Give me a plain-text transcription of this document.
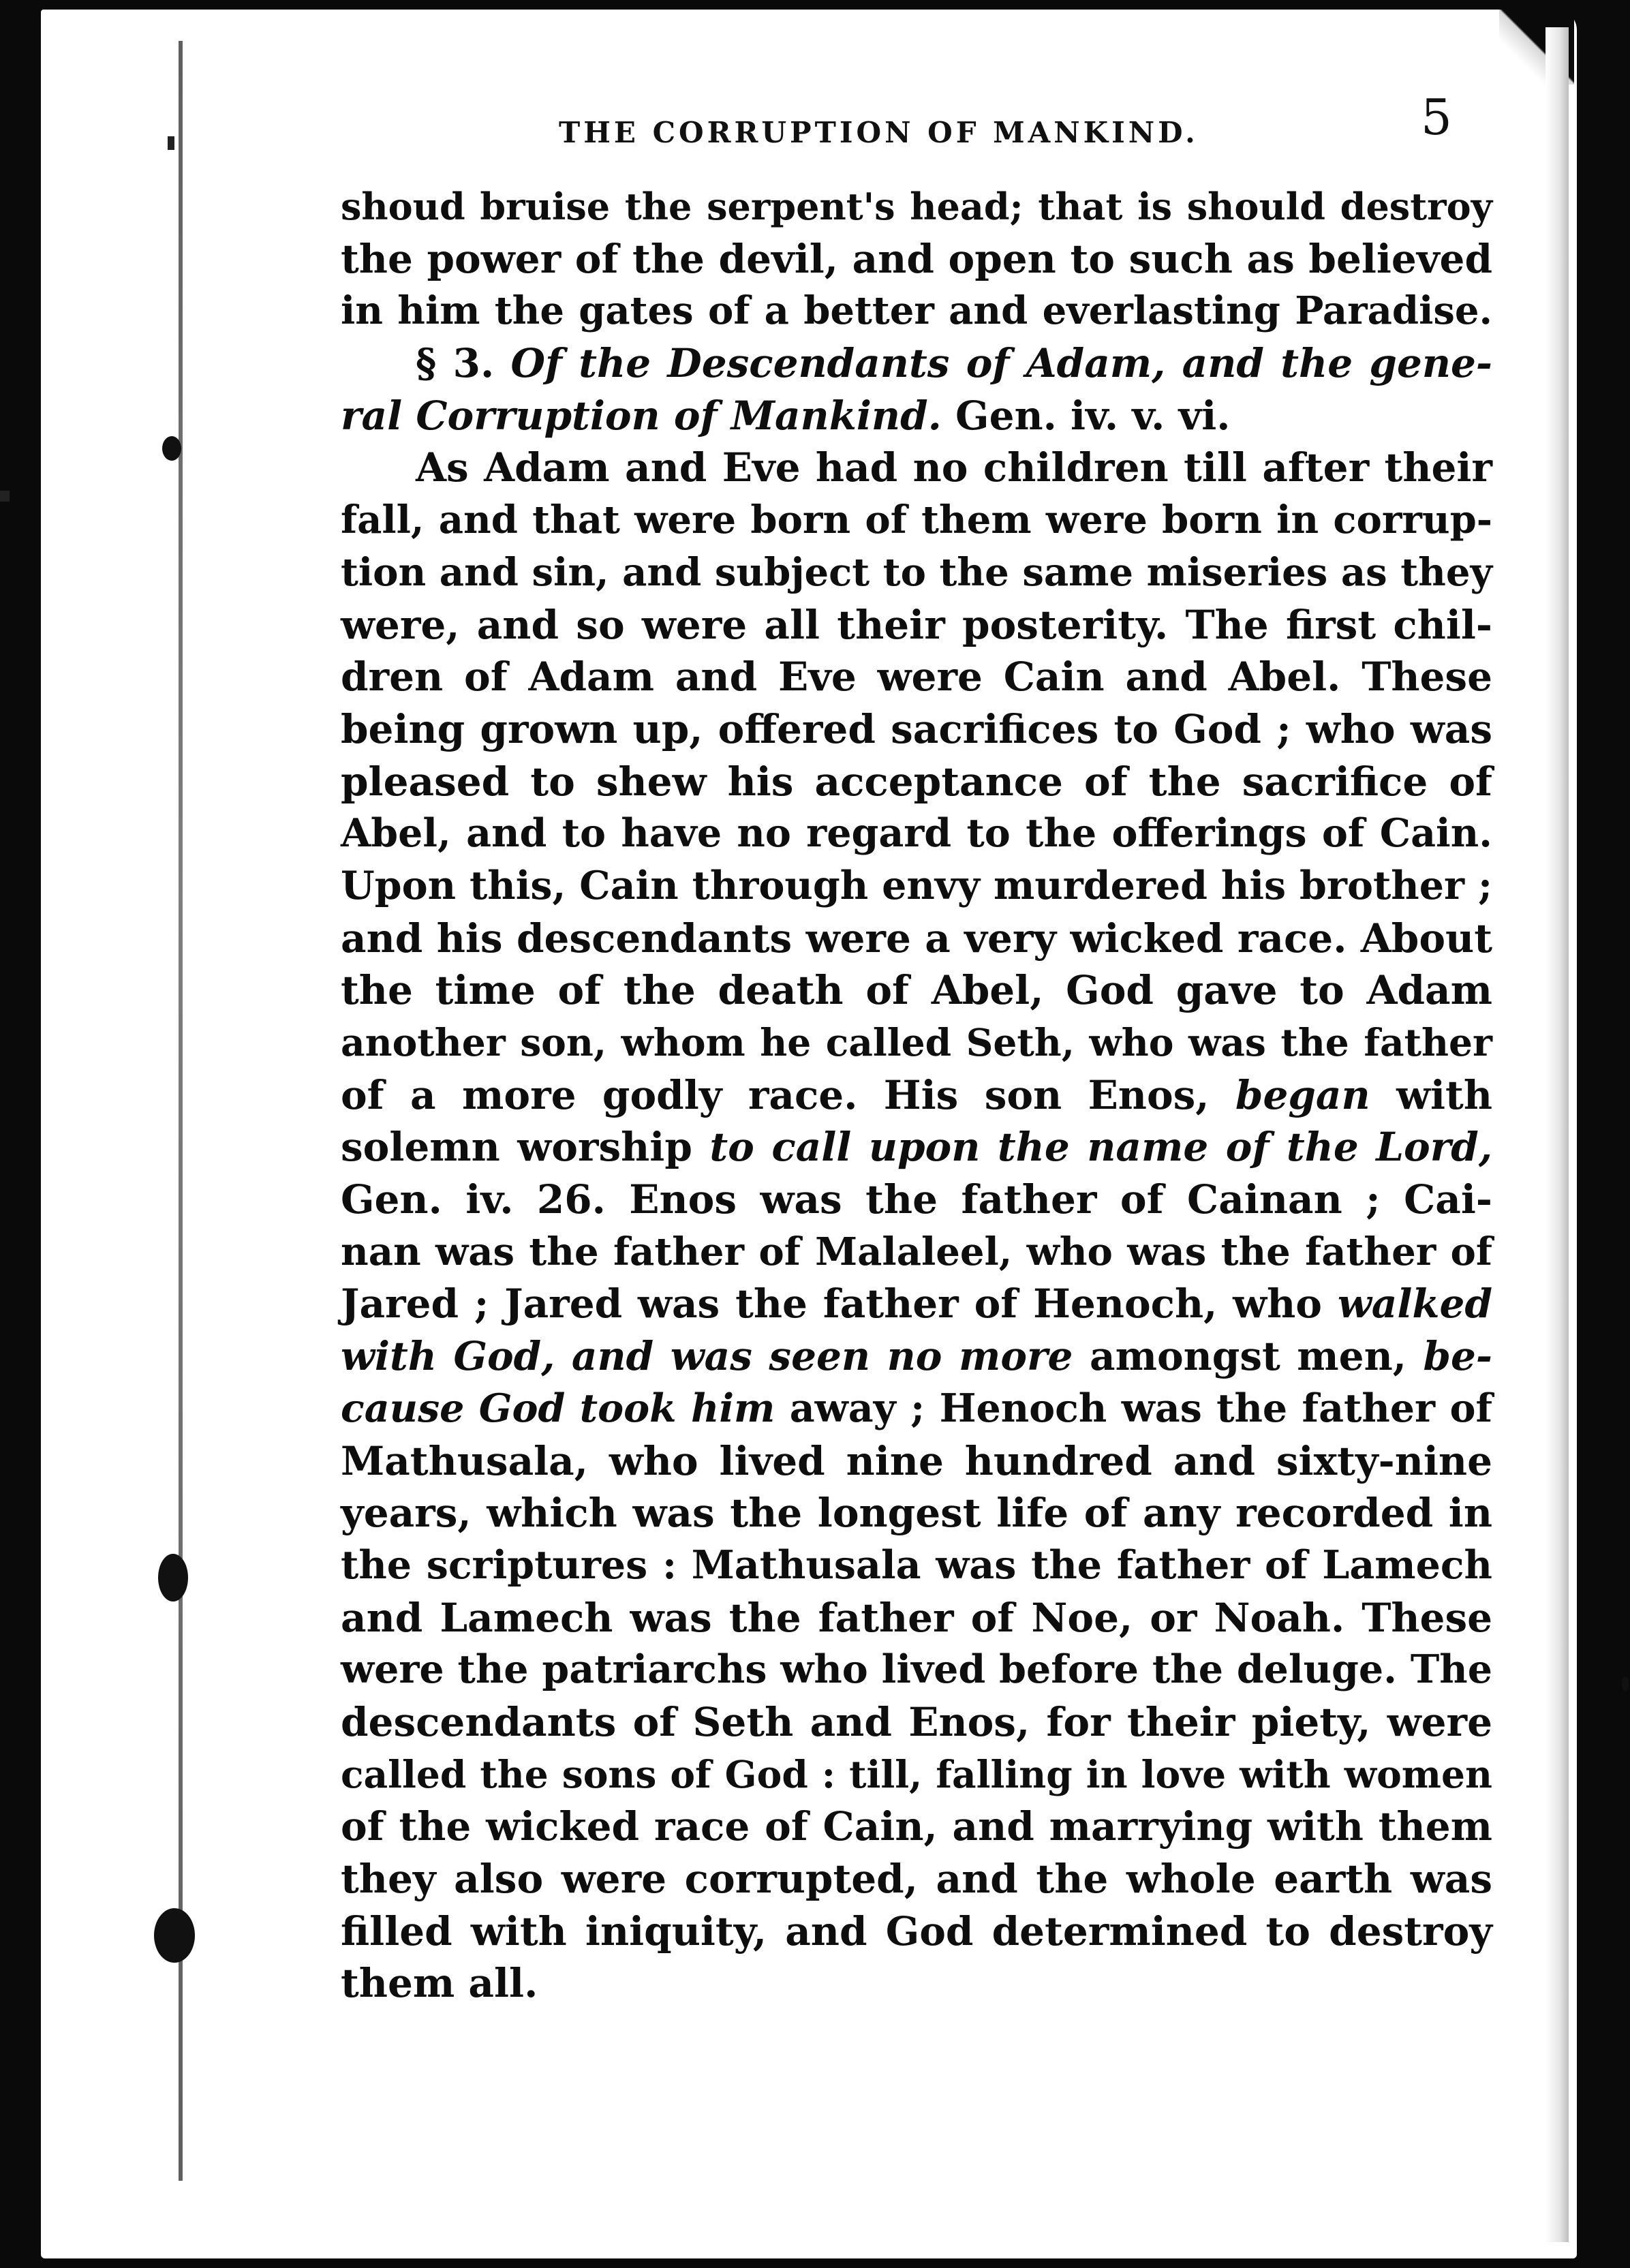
THE CORRUPTION OF MANKIND.	5
shoud bruise the serpent's head; that is should destroy
the power of the devil, and open to such as believed
in him the gates of a better and everlasting Paradise.
§ 3. Of the Descendants of Adam, and the gene-
ral Corruption of Mankind. Gen. iv. v. vi.
As Adam and Eve had no children till after their
fall, and that were born of them were born in corrup-
tion and sin, and subject to the same miseries as they
were, and so were all their posterity. The first chil-
dren of Adam and Eve were Cain and Abel. These
being grown up, offered sacrifices to God ; who was
pleased to shew his acceptance of the sacrifice of
Abel, and to have no regard to the offerings of Cain.
Upon this, Cain through envy murdered his brother ;
and his descendants were a very wicked race. About
the time of the death of Abel, God gave to Adam
another son, whom he called Seth, who was the father
of a more godly race. His son Enos, began with
solemn worship to call upon the name of the Lord,
Gen. iv. 26. Enos was the father of Cainan ; Cai-
nan was the father of Malaleel, who was the father of
Jared ; Jared was the father of Henoch, who walked
with God, and was seen no more amongst men, be-
cause God took him away ; Henoch was the father of
Mathusala, who lived nine hundred and sixty-nine
years, which was the longest life of any recorded in
the scriptures : Mathusala was the father of Lamech
and Lamech was the father of Noe, or Noah. These
were the patriarchs who lived before the deluge. The
descendants of Seth and Enos, for their piety, were
called the sons of God : till, falling in love with women
of the wicked race of Cain, and marrying with them
they also were corrupted, and the whole earth was
filled with iniquity, and God determined to destroy
them all.
